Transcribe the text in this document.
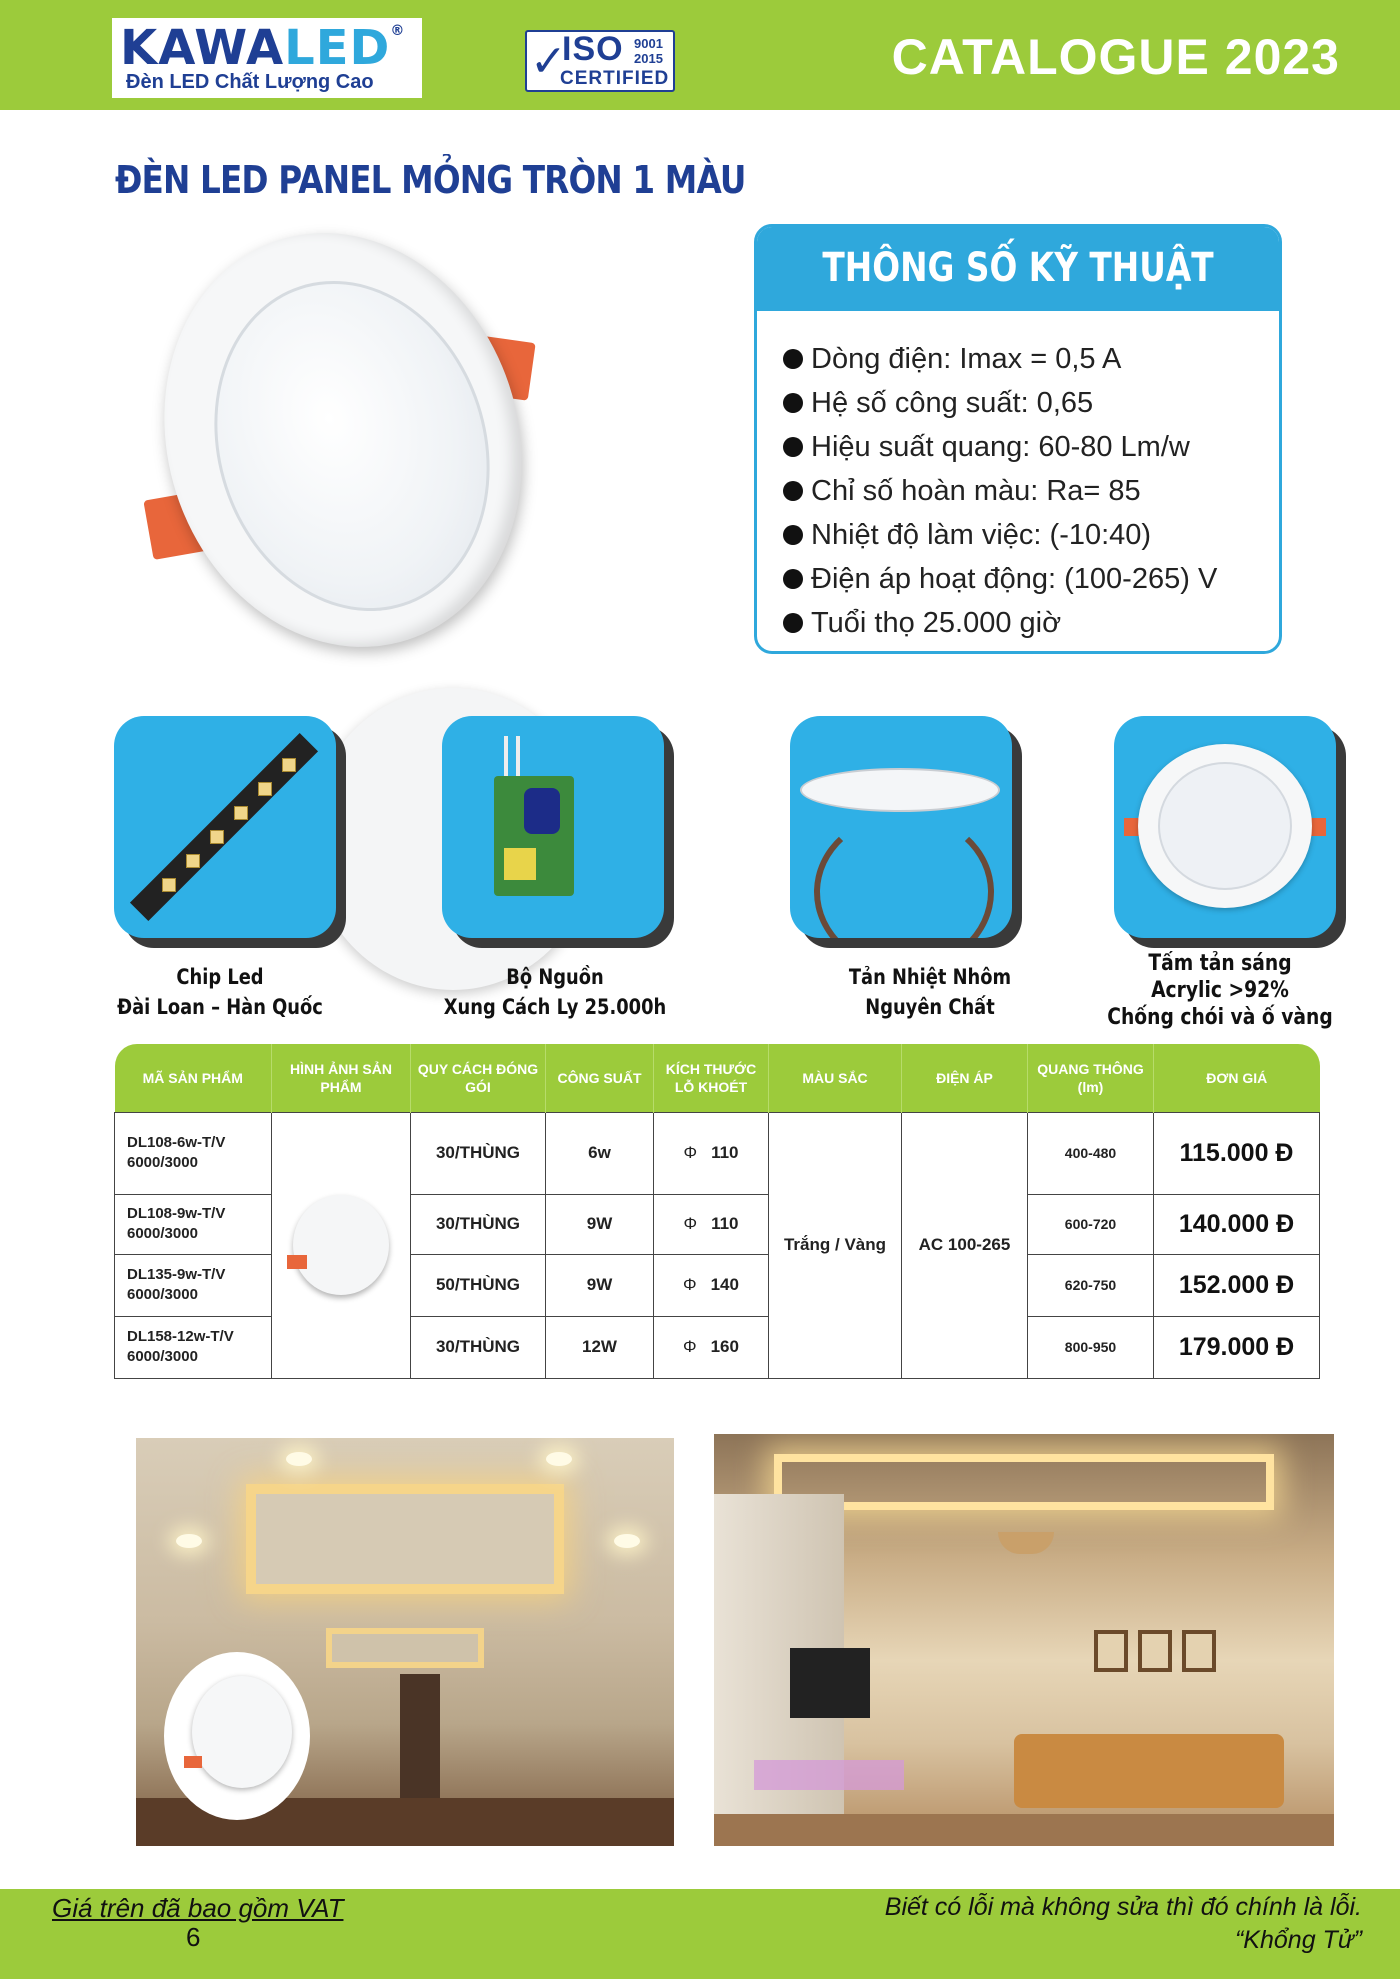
KAWALED®
Đèn LED Chất Lượng Cao	✓
ISO 9001
2015
CERTIFIED	CATALOGUE 2023
ĐÈN LED PANEL MỎNG TRÒN 1 MÀU
THÔNG SỐ KỸ THUẬT
Dòng điện: Imax = 0,5 A
Hệ số công suất: 0,65
Hiệu suất quang: 60-80 Lm/w
Chỉ số hoàn màu: Ra= 85
Nhiệt độ làm việc: (-10:40)
Điện áp hoạt động: (100-265) V
Tuổi thọ 25.000 giờ
Chip Led
Đài Loan – Hàn Quốc
Bộ Nguồn
Xung Cách Ly 25.000h
Tản Nhiệt Nhôm
Nguyên Chất
Tấm tản sáng
Acrylic >92%
Chống chói và ố vàng
MÃ SẢN PHẨM	HÌNH ẢNH SẢN PHẨM	QUY CÁCH ĐÓNG GÓI	CÔNG SUẤT	KÍCH THƯỚC LỖ KHOÉT	MÀU SẮC	ĐIỆN ÁP	QUANG THÔNG (lm)	ĐƠN GIÁ

DL108-6w-T/V
6000/3000		30/THÙNG	6w	Φ 110	Trắng / Vàng	AC 100-265	400-480	115.000 Đ

DL108-9w-T/V
6000/3000		30/THÙNG	9W	Φ 110			600-720	140.000 Đ

DL135-9w-T/V
6000/3000		50/THÙNG	9W	Φ 140			620-750	152.000 Đ

DL158-12w-T/V
6000/3000		30/THÙNG	12W	Φ 160			800-950	179.000 Đ
Giá trên đã bao gồm VAT
6
Biết có lỗi mà không sửa thì đó chính là lỗi.
“Khổng Tử”
